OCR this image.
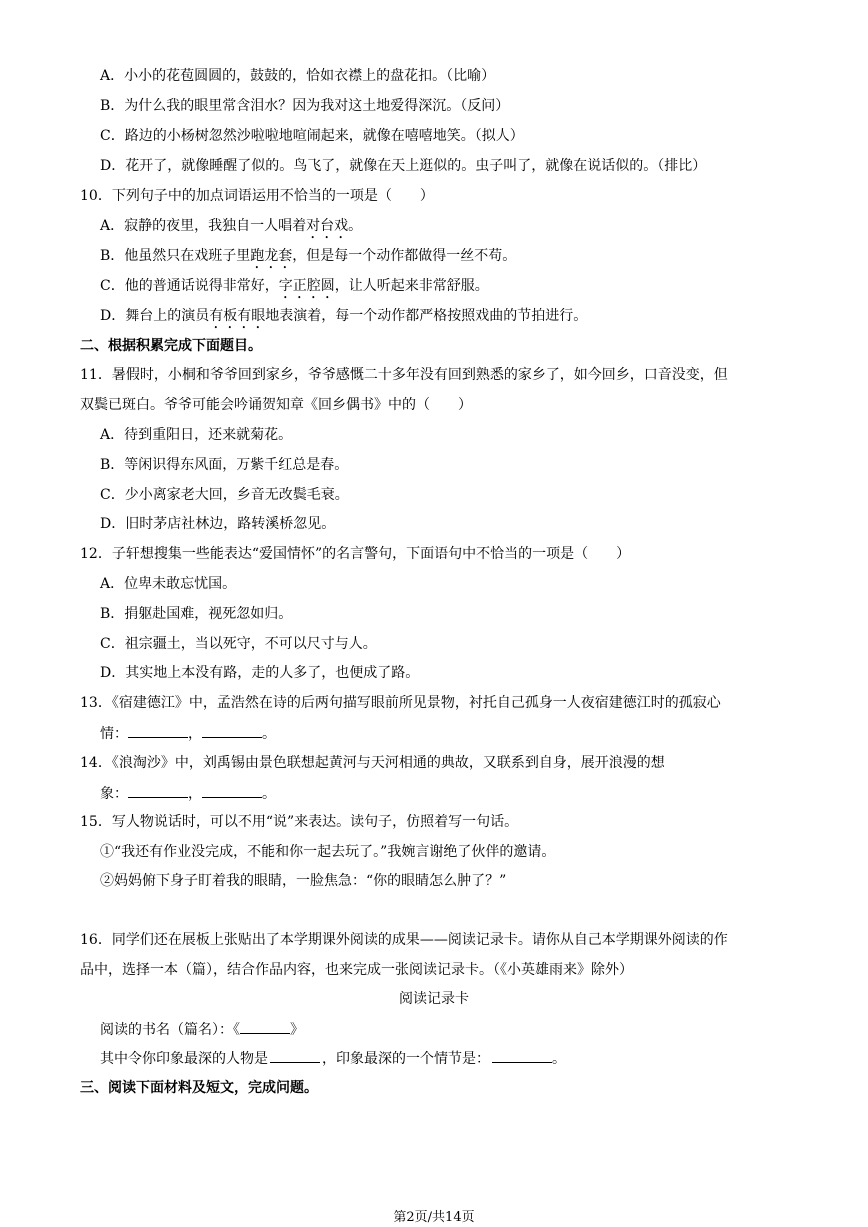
A．小小的花苞圆圆的，鼓鼓的，恰如衣襟上的盘花扣。（比喻）
B．为什么我的眼里常含泪水？因为我对这土地爱得深沉。（反问）
C．路边的小杨树忽然沙啦啦地喧闹起来，就像在嘻嘻地笑。（拟人）
D．花开了，就像睡醒了似的。鸟飞了，就像在天上逛似的。虫子叫了，就像在说话似的。（排比）
10．下列句子中的加点词语运用不恰当的一项是（　　）
A．寂静的夜里，我独自一人唱着对台戏。
B．他虽然只在戏班子里跑龙套，但是每一个动作都做得一丝不苟。
C．他的普通话说得非常好，字正腔圆，让人听起来非常舒服。
D．舞台上的演员有板有眼地表演着，每一个动作都严格按照戏曲的节拍进行。
二、根据积累完成下面题目。
11．暑假时，小桐和爷爷回到家乡，爷爷感慨二十多年没有回到熟悉的家乡了，如今回乡，口音没变，但
双鬓已斑白。爷爷可能会吟诵贺知章《回乡偶书》中的（　　）
A．待到重阳日，还来就菊花。
B．等闲识得东风面，万紫千红总是春。
C．少小离家老大回，乡音无改鬓毛衰。
D．旧时茅店社林边，路转溪桥忽见。
12．子轩想搜集一些能表达“爱国情怀”的名言警句，下面语句中不恰当的一项是（　　）
A．位卑未敢忘忧国。
B．捐躯赴国难，视死忽如归。
C．祖宗疆土，当以死守，不可以尺寸与人。
D．其实地上本没有路，走的人多了，也便成了路。
13．《宿建德江》中，孟浩然在诗的后两句描写眼前所见景物，衬托自己孤身一人夜宿建德江时的孤寂心
情：	，	。
14．《浪淘沙》中，刘禹锡由景色联想起黄河与天河相通的典故，又联系到自身，展开浪漫的想
象：	，	。
15．写人物说话时，可以不用“说”来表达。读句子，仿照着写一句话。
①“我还有作业没完成，不能和你一起去玩了。”我婉言谢绝了伙伴的邀请。
②妈妈俯下身子盯着我的眼睛，一脸焦急：“你的眼睛怎么肿了？”
16．同学们还在展板上张贴出了本学期课外阅读的成果——阅读记录卡。请你从自己本学期课外阅读的作
品中，选择一本（篇），结合作品内容，也来完成一张阅读记录卡。（《小英雄雨来》除外）
阅读记录卡
阅读的书名（篇名）：《	》
其中令你印象最深的人物是	，印象最深的一个情节是：	。
三、阅读下面材料及短文，完成问题。
第2页/共14页
